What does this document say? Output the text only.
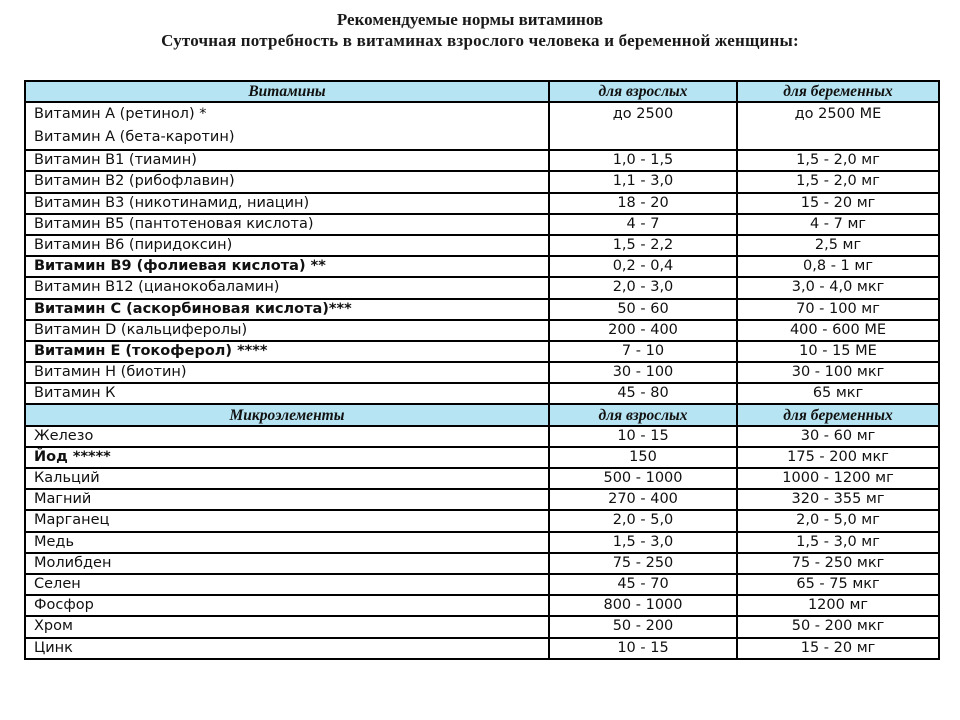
Рекомендуемые нормы витаминов
Суточная потребность в витаминах взрослого человека и беременной женщины:
Витамины	для взрослых	для беременных

Витамин А (ретинол) *
Витамин А (бета-каротин)	до 2500	до 2500 МЕ

Витамин В1 (тиамин)	1,0 - 1,5	1,5 - 2,0 мг
Витамин В2 (рибофлавин)	1,1 - 3,0	1,5 - 2,0 мг
Витамин В3 (никотинамид, ниацин)	18 - 20	15 - 20 мг
Витамин В5 (пантотеновая кислота)	4 - 7	4 - 7 мг
Витамин В6 (пиридоксин)	1,5 - 2,2	2,5 мг
Витамин В9 (фолиевая кислота) **	0,2 - 0,4	0,8 - 1 мг
Витамин В12 (цианокобаламин)	2,0 - 3,0	3,0 - 4,0 мкг
Витамин С (аскорбиновая кислота)***	50 - 60	70 - 100 мг
Витамин D (кальциферолы)	200 - 400	400 - 600 МЕ
Витамин Е (токоферол) ****	7 - 10	10 - 15 МЕ
Витамин Н (биотин)	30 - 100	30 - 100 мкг
Витамин К	45 - 80	65 мкг
Микроэлементы	для взрослых	для беременных
Железо	10 - 15	30 - 60 мг
Йод *****	150	175 - 200 мкг
Кальций	500 - 1000	1000 - 1200 мг
Магний	270 - 400	320 - 355 мг
Марганец	2,0 - 5,0	2,0 - 5,0 мг
Медь	1,5 - 3,0	1,5 - 3,0 мг
Молибден	75 - 250	75 - 250 мкг
Селен	45 - 70	65 - 75 мкг
Фосфор	800 - 1000	1200 мг
Хром	50 - 200	50 - 200 мкг
Цинк	10 - 15	15 - 20 мг
